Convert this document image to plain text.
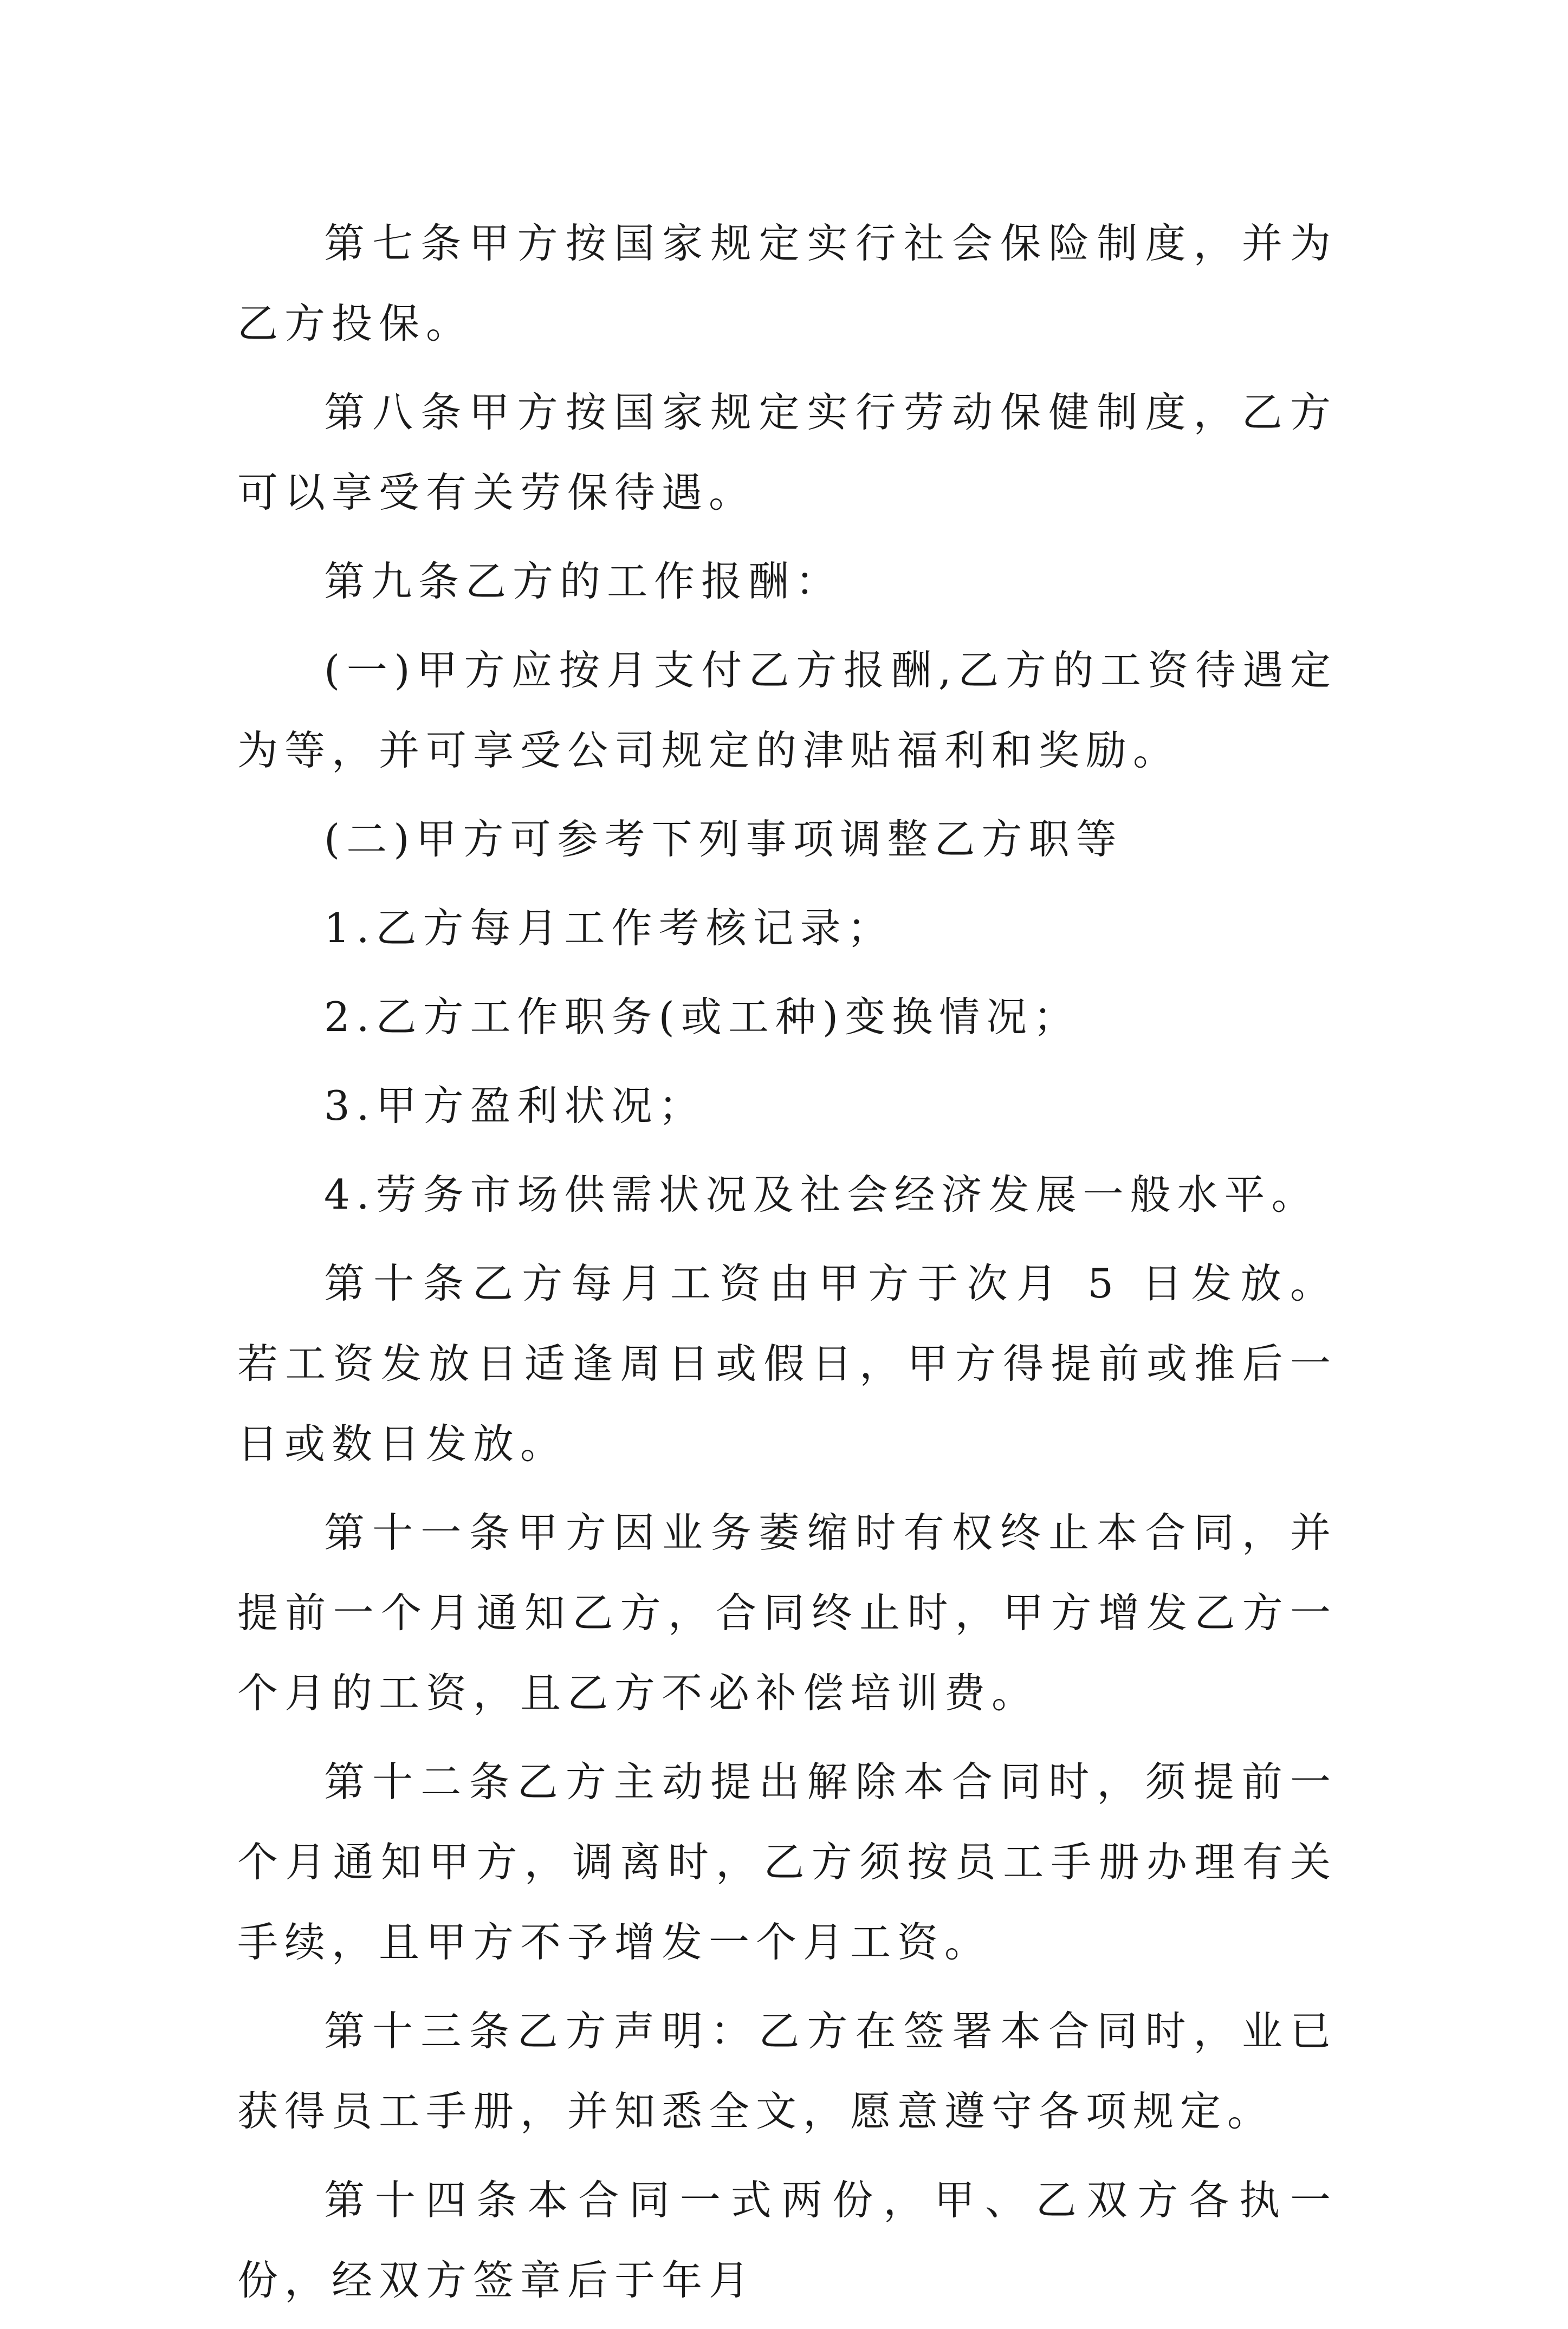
第七条甲方按国家规定实行社会保险制度，并为乙方投保。

第八条甲方按国家规定实行劳动保健制度，乙方可以享受有关劳保待遇。

第九条乙方的工作报酬：

(一)甲方应按月支付乙方报酬,乙方的工资待遇定为等，并可享受公司规定的津贴福利和奖励。

(二)甲方可参考下列事项调整乙方职等

1.乙方每月工作考核记录；

2.乙方工作职务(或工种)变换情况；

3.甲方盈利状况；

4.劳务市场供需状况及社会经济发展一般水平。

第十条乙方每月工资由甲方于次月 5 日发放。若工资发放日适逢周日或假日，甲方得提前或推后一日或数日发放。

第十一条甲方因业务萎缩时有权终止本合同，并提前一个月通知乙方，合同终止时，甲方增发乙方一个月的工资，且乙方不必补偿培训费。

第十二条乙方主动提出解除本合同时，须提前一个月通知甲方，调离时，乙方须按员工手册办理有关手续，且甲方不予增发一个月工资。

第十三条乙方声明：乙方在签署本合同时，业已获得员工手册，并知悉全文，愿意遵守各项规定。

第十四条本合同一式两份，甲、乙双方各执一份，经双方签章后于年月
